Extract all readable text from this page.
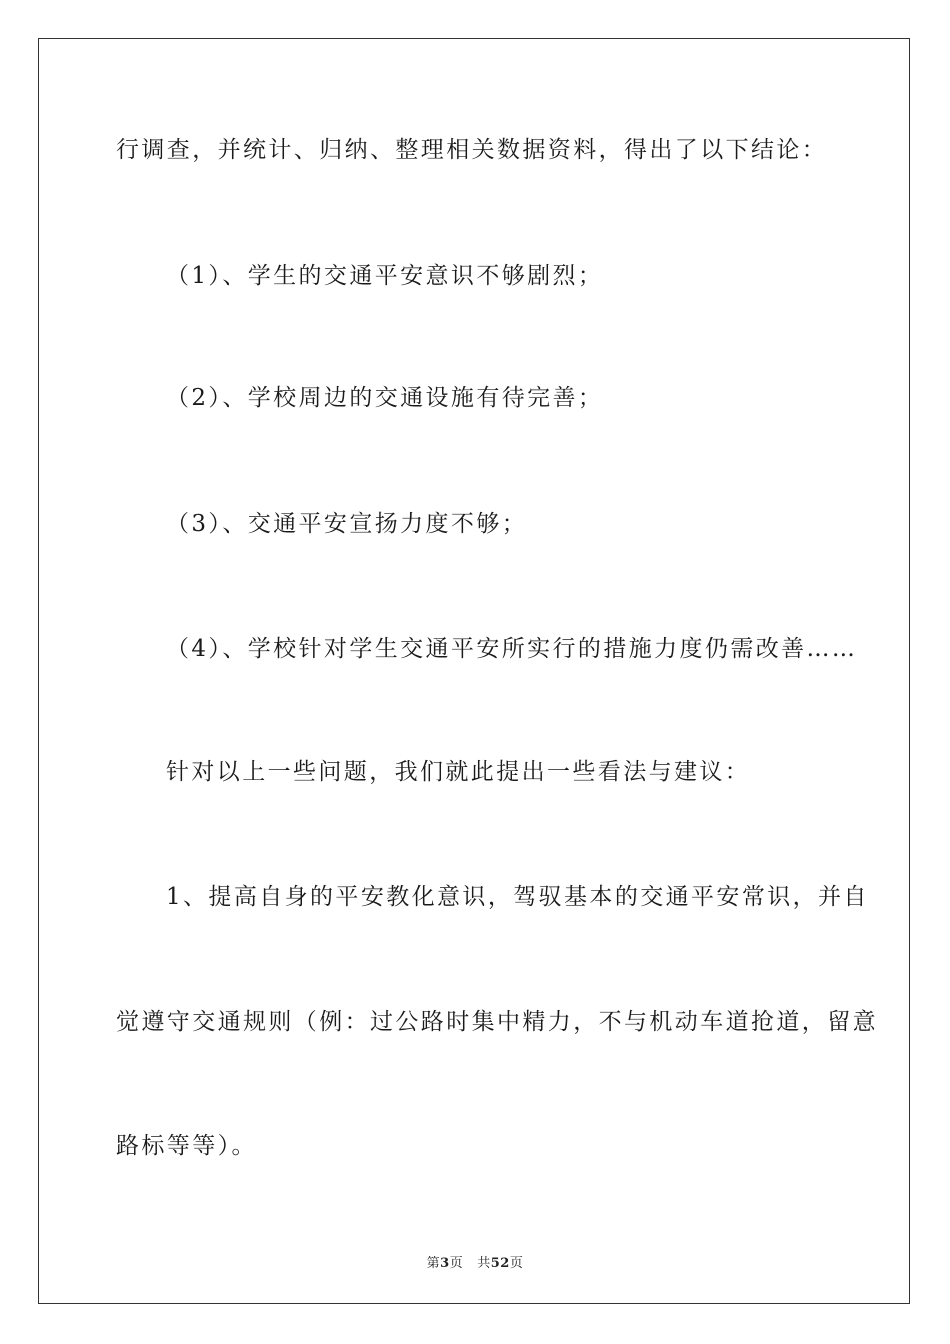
行调查，并统计、归纳、整理相关数据资料，得出了以下结论：
（1）、学生的交通平安意识不够剧烈；
（2）、学校周边的交通设施有待完善；
（3）、交通平安宣扬力度不够；
（4）、学校针对学生交通平安所实行的措施力度仍需改善……
针对以上一些问题，我们就此提出一些看法与建议：
1、提高自身的平安教化意识，驾驭基本的交通平安常识，并自
觉遵守交通规则（例：过公路时集中精力，不与机动车道抢道，留意
路标等等）。
第3页 共52页
